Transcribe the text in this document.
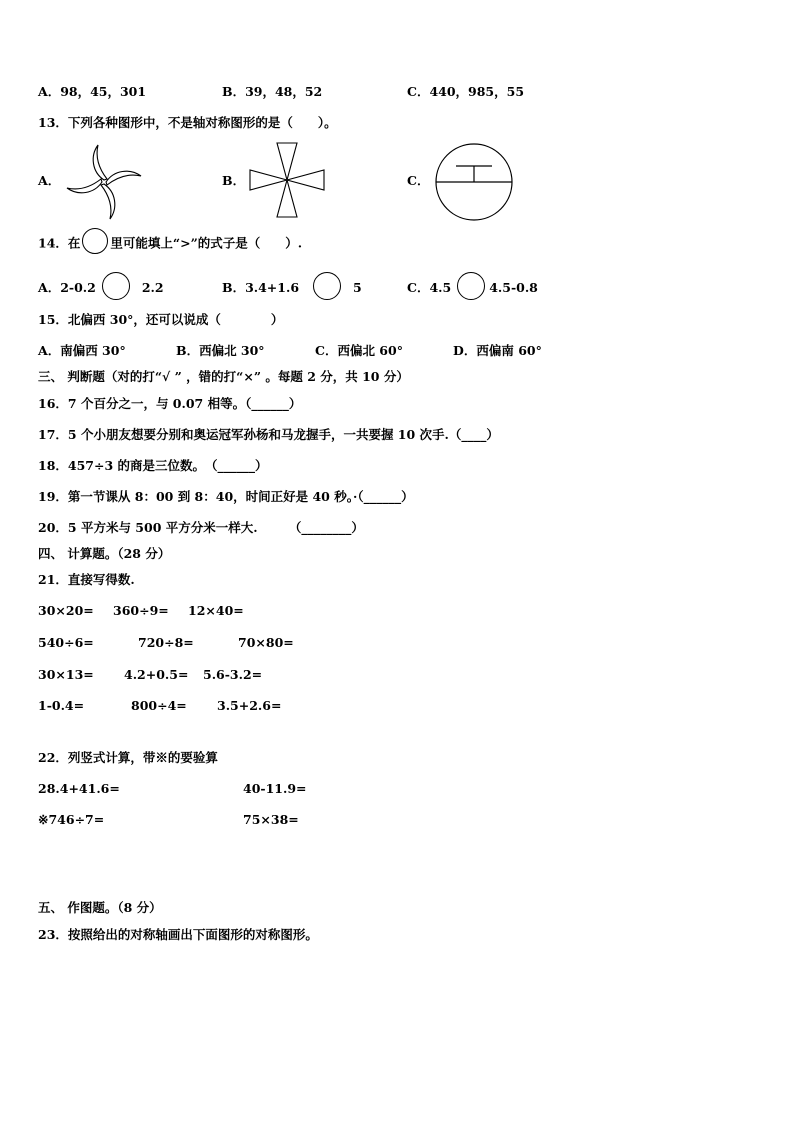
A．98，45，301	B．39，48，52	C．440，985，55
13．下列各种图形中，不是轴对称图形的是（　　）。
A．	B．	C．
14．在 里可能填上“>”的式子是（　　）.
A．2-0.2	2.2	B．3.4+1.6	5	C．4.5	4.5-0.8
15．北偏西 30°，还可以说成（　　　　）
A．南偏西 30°	B．西偏北 30°	C．西偏北 60°	D．西偏南 60°
三、 判断题（对的打“√ ” ，错的打“×” 。每题 2 分，共 10 分）
16．7 个百分之一，与 0.07 相等。（______）
17．5 个小朋友想要分别和奥运冠军孙杨和马龙握手，一共要握 10 次手.（____）
18．457÷3 的商是三位数。　（______）
19．第一节课从 8：00 到 8：40，时间正好是 40 秒。·（______）
20．5 平方米与 500 平方分米一样大.　　　（________）
四、 计算题。（28 分）
21．直接写得数.
30×20= 360÷9= 12×40=
540÷6=	720÷8=	70×80=
30×13= 4.2+0.5= 5.6-3.2=
1-0.4=	800÷4= 3.5+2.6=
22．列竖式计算，带※的要验算
28.4+41.6=	40-11.9=
※746÷7=	75×38=
五、 作图题。（8 分）
23．按照给出的对称轴画出下面图形的对称图形。
